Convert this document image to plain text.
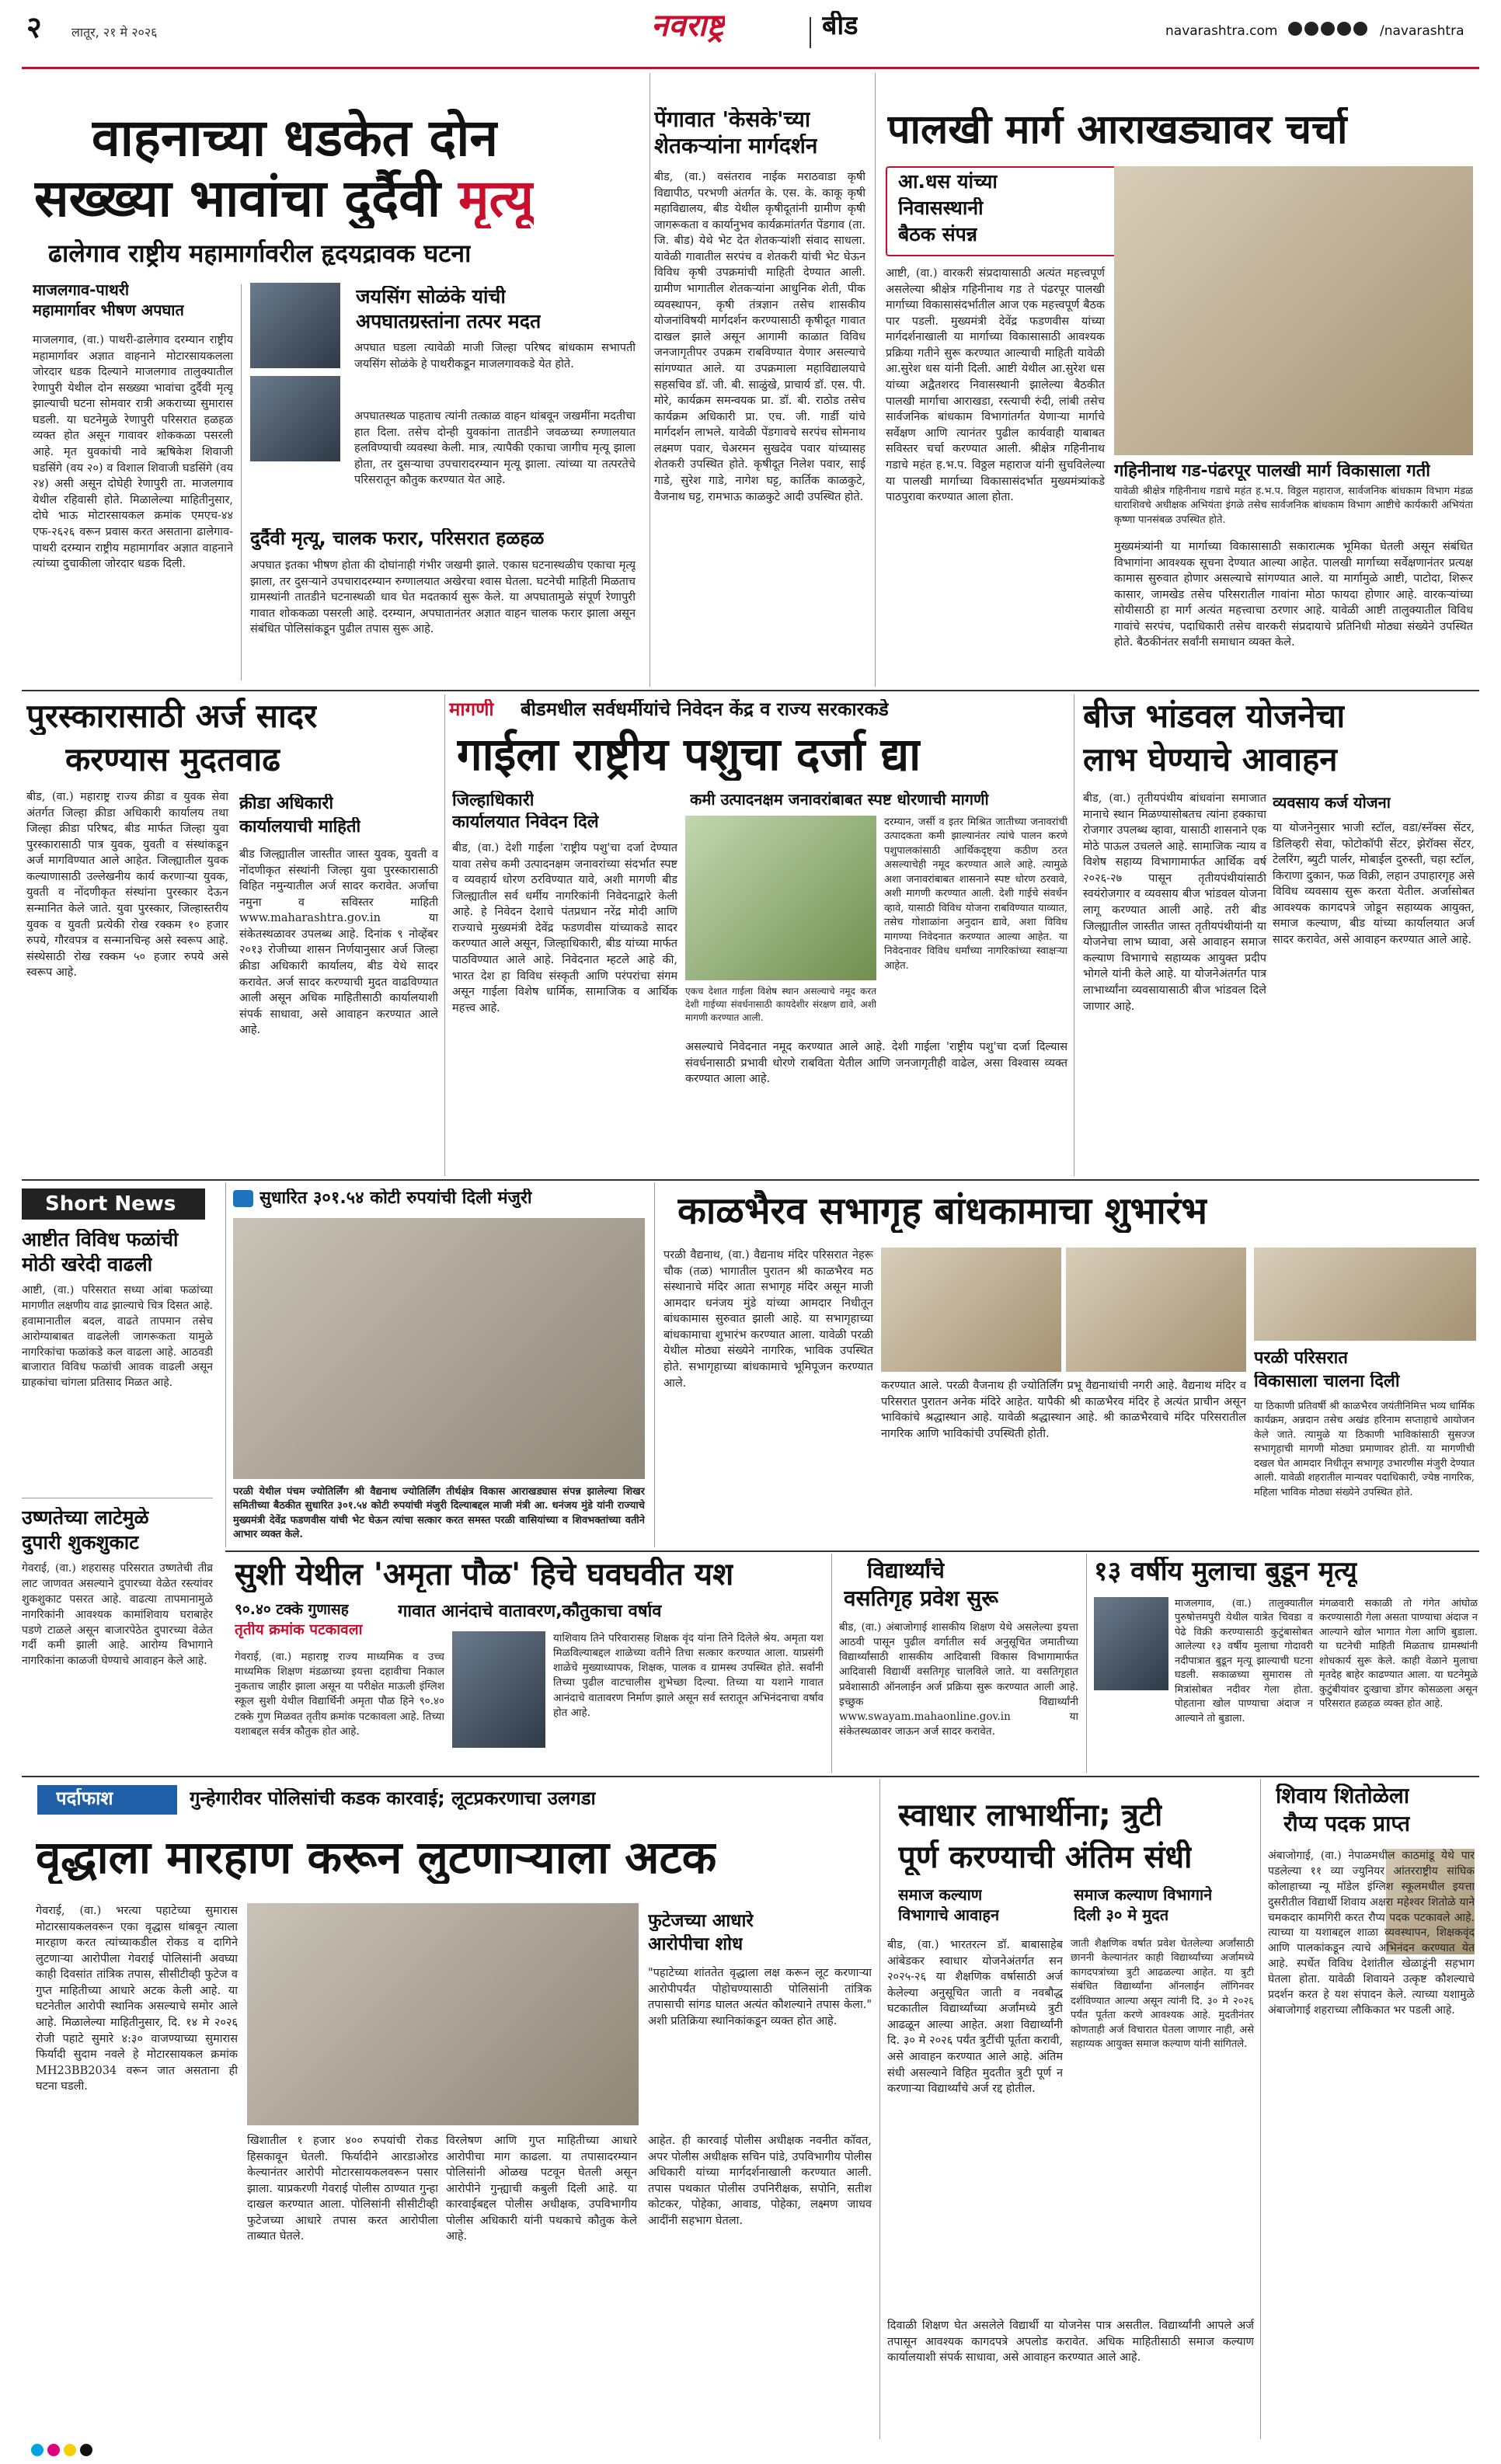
२ लातूर, २१ मे २०२६	नवराष्ट्र	बीड	navarashtra.com	/navarashtra
वाहनाच्या धडकेत दोन
सख्ख्या भावांचा दुर्दैवी मृत्यू
ढालेगाव राष्ट्रीय महामार्गावरील हृदयद्रावक घटना
माजलगाव-पाथरी
महामार्गावर भीषण अपघात
माजलगाव, (वा.) पाथरी-ढालेगाव दरम्यान राष्ट्रीय महामार्गावर अज्ञात वाहनाने मोटारसायकलला जोरदार धडक दिल्याने माजलगाव तालुक्यातील रेणापुरी येथील दोन सख्ख्या भावांचा दुर्दैवी मृत्यू झाल्याची घटना सोमवार रात्री अकराच्या सुमारास घडली. या घटनेमुळे रेणापुरी परिसरात हळहळ व्यक्त होत असून गावावर शोककळा पसरली आहे. मृत युवकांची नावे ऋषिकेश शिवाजी घडसिंगे (वय २०) व विशाल शिवाजी घडसिंगे (वय २४) असी असून दोघेही रेणापुरी ता. माजलगाव येथील रहिवासी होते. मिळालेल्या माहितीनुसार, दोघे भाऊ मोटारसायकल क्रमांक एमएच-४४ एफ-२६२६ वरून प्रवास करत असताना ढालेगाव-पाथरी दरम्यान राष्ट्रीय महामार्गावर अज्ञात वाहनाने त्यांच्या दुचाकीला जोरदार धडक दिली.
जयसिंग सोळंके यांची
अपघातग्रस्तांना तत्पर मदत
अपघात घडला त्यावेळी माजी जिल्हा परिषद बांधकाम सभापती जयसिंग सोळंके हे पाथरीकडून माजलगावकडे येत होते.
अपघातस्थळ पाहताच त्यांनी तत्काळ वाहन थांबवून जखमींना मदतीचा हात दिला. तसेच दोन्ही युवकांना तातडीने जवळच्या रुग्णालयात हलविण्याची व्यवस्था केली. मात्र, त्यापैकी एकाचा जागीच मृत्यू झाला होता, तर दुसऱ्याचा उपचारादरम्यान मृत्यू झाला. त्यांच्या या तत्परतेचे परिसरातून कौतुक करण्यात येत आहे.
दुर्दैवी मृत्यू, चालक फरार, परिसरात हळहळ
अपघात इतका भीषण होता की दोघांनाही गंभीर जखमी झाले. एकास घटनास्थळीच एकाचा मृत्यू झाला, तर दुसऱ्याने उपचारादरम्यान रुग्णालयात अखेरचा श्वास घेतला. घटनेची माहिती मिळताच ग्रामस्थांनी तातडीने घटनास्थळी धाव घेत मदतकार्य सुरू केले. या अपघातामुळे संपूर्ण रेणापुरी गावात शोककळा पसरली आहे. दरम्यान, अपघातानंतर अज्ञात वाहन चालक फरार झाला असून संबंधित पोलिसांकडून पुढील तपास सुरू आहे.
पेंगावात 'केसके'च्या
शेतकऱ्यांना मार्गदर्शन
बीड, (वा.) वसंतराव नाईक मराठवाडा कृषी विद्यापीठ, परभणी अंतर्गत के. एस. के. काकू कृषी महाविद्यालय, बीड येथील कृषीदूतांनी ग्रामीण कृषी जागरूकता व कार्यानुभव कार्यक्रमांतर्गत पेंडगाव (ता. जि. बीड) येथे भेट देत शेतकऱ्यांशी संवाद साधला. यावेळी गावातील सरपंच व शेतकरी यांची भेट घेऊन विविध कृषी उपक्रमांची माहिती देण्यात आली. ग्रामीण भागातील शेतकऱ्यांना आधुनिक शेती, पीक व्यवस्थापन, कृषी तंत्रज्ञान तसेच शासकीय योजनांविषयी मार्गदर्शन करण्यासाठी कृषीदूत गावात दाखल झाले असून आगामी काळात विविध जनजागृतीपर उपक्रम राबविण्यात येणार असल्याचे सांगण्यात आले. या उपक्रमाला महाविद्यालयाचे सहसचिव डॉ. जी. बी. साळुंखे, प्राचार्य डॉ. एस. पी. मोरे, कार्यक्रम समन्वयक प्रा. डॉ. बी. राठोड तसेच कार्यक्रम अधिकारी प्रा. एच. जी. गार्डी यांचे मार्गदर्शन लाभले. यावेळी पेंडगावचे सरपंच सोमनाथ लक्ष्मण पवार, चेअरमन सुखदेव पवार यांच्यासह शेतकरी उपस्थित होते. कृषीदूत निलेश पवार, साई गाडे, सुरेश गाडे, नागेश घट्ट, कार्तिक काळकुटे, वैजनाथ घट्ट, रामभाऊ काळकुटे आदी उपस्थित होते.
पालखी मार्ग आराखड्यावर चर्चा
आ.धस यांच्या
निवासस्थानी
बैठक संपन्न
आष्टी, (वा.) वारकरी संप्रदायासाठी अत्यंत महत्त्वपूर्ण असलेल्या श्रीक्षेत्र गहिनीनाथ गड ते पंढरपूर पालखी मार्गाच्या विकासासंदर्भातील आज एक महत्त्वपूर्ण बैठक पार पडली. मुख्यमंत्री देवेंद्र फडणवीस यांच्या मार्गदर्शनाखाली या मार्गाच्या विकासासाठी आवश्यक प्रक्रिया गतीने सुरू करण्यात आल्याची माहिती यावेळी आ.सुरेश धस यांनी दिली. आष्टी येथील आ.सुरेश धस यांच्या अद्वैतशरद निवासस्थानी झालेल्या बैठकीत पालखी मार्गाचा आराखडा, रस्त्याची रुंदी, लांबी तसेच सार्वजनिक बांधकाम विभागांतर्गत येणाऱ्या मार्गाचे सर्वेक्षण आणि त्यानंतर पुढील कार्यवाही याबाबत सविस्तर चर्चा करण्यात आली. श्रीक्षेत्र गहिनीनाथ गडाचे महंत ह.भ.प. विठ्ठल महाराज यांनी सुचविलेल्या या पालखी मार्गाच्या विकासासंदर्भात मुख्यमंत्र्यांकडे पाठपुरावा करण्यात आला होता.
गहिनीनाथ गड-पंढरपूर पालखी मार्ग विकासाला गती
यावेळी श्रीक्षेत्र गहिनीनाथ गडाचे महंत ह.भ.प. विठ्ठल महाराज, सार्वजनिक बांधकाम विभाग मंडळ धाराशिवचे अधीक्षक अभियंता इंगळे तसेच सार्वजनिक बांधकाम विभाग आष्टीचे कार्यकारी अभियंता कृष्णा पानसंबळ उपस्थित होते.
मुख्यमंत्र्यांनी या मार्गाच्या विकासासाठी सकारात्मक भूमिका घेतली असून संबंधित विभागांना आवश्यक सूचना देण्यात आल्या आहेत. पालखी मार्गाच्या सर्वेक्षणानंतर प्रत्यक्ष कामास सुरुवात होणार असल्याचे सांगण्यात आले. या मार्गामुळे आष्टी, पाटोदा, शिरूर कासार, जामखेड तसेच परिसरातील गावांना मोठा फायदा होणार आहे. वारकऱ्यांच्या सोयीसाठी हा मार्ग अत्यंत महत्त्वाचा ठरणार आहे. यावेळी आष्टी तालुक्यातील विविध गावांचे सरपंच, पदाधिकारी तसेच वारकरी संप्रदायाचे प्रतिनिधी मोठ्या संख्येने उपस्थित होते. बैठकीनंतर सर्वांनी समाधान व्यक्त केले.
पुरस्कारासाठी अर्ज सादर
करण्यास मुदतवाढ
बीड, (वा.) महाराष्ट्र राज्य क्रीडा व युवक सेवा अंतर्गत जिल्हा क्रीडा अधिकारी कार्यालय तथा जिल्हा क्रीडा परिषद, बीड मार्फत जिल्हा युवा पुरस्कारासाठी पात्र युवक, युवती व संस्थांकडून अर्ज मागविण्यात आले आहेत. जिल्ह्यातील युवक कल्याणासाठी उल्लेखनीय कार्य करणाऱ्या युवक, युवती व नोंदणीकृत संस्थांना पुरस्कार देऊन सन्मानित केले जाते. युवा पुरस्कार, जिल्हास्तरीय युवक व युवती प्रत्येकी रोख रक्कम १० हजार रुपये, गौरवपत्र व सन्मानचिन्ह असे स्वरूप आहे. संस्थेसाठी रोख रक्कम ५० हजार रुपये असे स्वरूप आहे.
क्रीडा अधिकारी
कार्यालयाची माहिती
बीड जिल्ह्यातील जास्तीत जास्त युवक, युवती व नोंदणीकृत संस्थांनी जिल्हा युवा पुरस्कारासाठी विहित नमुन्यातील अर्ज सादर करावेत. अर्जाचा नमुना व सविस्तर माहिती www.maharashtra.gov.in या संकेतस्थळावर उपलब्ध आहे. दिनांक ९ नोव्हेंबर २०१३ रोजीच्या शासन निर्णयानुसार अर्ज जिल्हा क्रीडा अधिकारी कार्यालय, बीड येथे सादर करावेत. अर्ज सादर करण्याची मुदत वाढविण्यात आली असून अधिक माहितीसाठी कार्यालयाशी संपर्क साधावा, असे आवाहन करण्यात आले आहे.
मागणी बीडमधील सर्वधर्मीयांचे निवेदन केंद्र व राज्य सरकारकडे
गाईला राष्ट्रीय पशुचा दर्जा द्या
जिल्हाधिकारी
कार्यालयात निवेदन दिले
कमी उत्पादनक्षम जनावरांबाबत स्पष्ट धोरणाची मागणी
बीड, (वा.) देशी गाईला 'राष्ट्रीय पशु'चा दर्जा देण्यात यावा तसेच कमी उत्पादनक्षम जनावरांच्या संदर्भात स्पष्ट व व्यवहार्य धोरण ठरविण्यात यावे, अशी मागणी बीड जिल्ह्यातील सर्व धर्मीय नागरिकांनी निवेदनाद्वारे केली आहे. हे निवेदन देशाचे पंतप्रधान नरेंद्र मोदी आणि राज्याचे मुख्यमंत्री देवेंद्र फडणवीस यांच्याकडे सादर करण्यात आले असून, जिल्हाधिकारी, बीड यांच्या मार्फत पाठविण्यात आले आहे. निवेदनात म्हटले आहे की, भारत देश हा विविध संस्कृती आणि परंपरांचा संगम असून गाईला विशेष धार्मिक, सामाजिक व आर्थिक महत्त्व आहे.
एकच देशात गाईला विशेष स्थान असल्याचे नमूद करत देशी गाईच्या संवर्धनासाठी कायदेशीर संरक्षण द्यावे, अशी मागणी करण्यात आली.
दरम्यान, जर्सी व इतर मिश्रित जातीच्या जनावरांची उत्पादकता कमी झाल्यानंतर त्यांचे पालन करणे पशुपालकांसाठी आर्थिकदृष्ट्या कठीण ठरत असल्याचेही नमूद करण्यात आले आहे. त्यामुळे अशा जनावरांबाबत शासनाने स्पष्ट धोरण ठरवावे, अशी मागणी करण्यात आली. देशी गाईचे संवर्धन व्हावे, यासाठी विविध योजना राबविण्यात याव्यात, तसेच गोशाळांना अनुदान द्यावे, अशा विविध मागण्या निवेदनात करण्यात आल्या आहेत. या निवेदनावर विविध धर्मांच्या नागरिकांच्या स्वाक्षऱ्या आहेत.
असल्याचे निवेदनात नमूद करण्यात आले आहे. देशी गाईला 'राष्ट्रीय पशु'चा दर्जा दिल्यास संवर्धनासाठी प्रभावी धोरणे राबविता येतील आणि जनजागृतीही वाढेल, असा विश्वास व्यक्त करण्यात आला आहे.
बीज भांडवल योजनेचा
लाभ घेण्याचे आवाहन
व्यवसाय कर्ज योजना
बीड, (वा.) तृतीयपंथीय बांधवांना समाजात मानाचे स्थान मिळण्यासोबतच त्यांना हक्काचा रोजगार उपलब्ध व्हावा, यासाठी शासनाने एक मोठे पाऊल उचलले आहे. सामाजिक न्याय व विशेष सहाय्य विभागामार्फत आर्थिक वर्ष २०२६-२७ पासून तृतीयपंथीयांसाठी स्वयंरोजगार व व्यवसाय बीज भांडवल योजना लागू करण्यात आली आहे. तरी बीड जिल्ह्यातील जास्तीत जास्त तृतीयपंथीयांनी या योजनेचा लाभ घ्यावा, असे आवाहन समाज कल्याण विभागाचे सहाय्यक आयुक्त प्रदीप भोगले यांनी केले आहे. या योजनेअंतर्गत पात्र लाभार्थ्यांना व्यवसायासाठी बीज भांडवल दिले जाणार आहे.
या योजनेनुसार भाजी स्टॉल, वडा/स्नॅक्स सेंटर, डिलिव्हरी सेवा, फोटोकॉपी सेंटर, झेरॉक्स सेंटर, टेलरिंग, ब्युटी पार्लर, मोबाईल दुरुस्ती, चहा स्टॉल, किराणा दुकान, फळ विक्री, लहान उपाहारगृह असे विविध व्यवसाय सुरू करता येतील. अर्जासोबत आवश्यक कागदपत्रे जोडून सहाय्यक आयुक्त, समाज कल्याण, बीड यांच्या कार्यालयात अर्ज सादर करावेत, असे आवाहन करण्यात आले आहे.
Short News
आष्टीत विविध फळांची
मोठी खरेदी वाढली
आष्टी, (वा.) परिसरात सध्या आंबा फळांच्या मागणीत लक्षणीय वाढ झाल्याचे चित्र दिसत आहे. हवामानातील बदल, वाढते तापमान तसेच आरोग्याबाबत वाढलेली जागरूकता यामुळे नागरिकांचा फळांकडे कल वाढला आहे. आठवडी बाजारात विविध फळांची आवक वाढली असून ग्राहकांचा चांगला प्रतिसाद मिळत आहे.
उष्णतेच्या लाटेमुळे
दुपारी शुकशुकाट
गेवराई, (वा.) शहरासह परिसरात उष्णतेची तीव्र लाट जाणवत असल्याने दुपारच्या वेळेत रस्त्यांवर शुकशुकाट पसरत आहे. वाढत्या तापमानामुळे नागरिकांनी आवश्यक कामांशिवाय घराबाहेर पडणे टाळले असून बाजारपेठेत दुपारच्या वेळेत गर्दी कमी झाली आहे. आरोग्य विभागाने नागरिकांना काळजी घेण्याचे आवाहन केले आहे.
सुधारित ३०१.५४ कोटी रुपयांची दिली मंजुरी
परळी येथील पंचम ज्योतिर्लिंग श्री वैद्यनाथ ज्योतिर्लिंग तीर्थक्षेत्र विकास आराखड्यास संपन्न झालेल्या शिखर समितीच्या बैठकीत सुधारित ३०१.५४ कोटी रुपयांची मंजुरी दिल्याबद्दल माजी मंत्री आ. धनंजय मुंडे यांनी राज्याचे मुख्यमंत्री देवेंद्र फडणवीस यांची भेट घेऊन त्यांचा सत्कार करत समस्त परळी वासियांच्या व शिवभक्तांच्या वतीने आभार व्यक्त केले.
काळभैरव सभागृह बांधकामाचा शुभारंभ
परळी वैद्यनाथ, (वा.) वैद्यनाथ मंदिर परिसरात नेहरू चौक (तळ) भागातील पुरातन श्री काळभैरव मठ संस्थानाचे मंदिर आता सभागृह मंदिर असून माजी आमदार धनंजय मुंडे यांच्या आमदार निधीतून बांधकामास सुरुवात झाली आहे. या सभागृहाच्या बांधकामाचा शुभारंभ करण्यात आला. यावेळी परळी येथील मोठ्या संख्येने नागरिक, भाविक उपस्थित होते. सभागृहाच्या बांधकामाचे भूमिपूजन करण्यात आले.	करण्यात आले. परळी वैजनाथ ही ज्योतिर्लिंग प्रभू वैद्यनाथांची नगरी आहे. वैद्यनाथ मंदिर व परिसरात पुरातन अनेक मंदिरे आहेत. यापैकी श्री काळभैरव मंदिर हे अत्यंत प्राचीन असून भाविकांचे श्रद्धास्थान आहे. यावेळी श्रद्धास्थान आहे. श्री काळभैरवाचे मंदिर परिसरातील नागरिक आणि भाविकांची उपस्थिती होती.
परळी परिसरात
विकासाला चालना दिली
या ठिकाणी प्रतिवर्षी श्री काळभैरव जयंतीनिमित्त भव्य धार्मिक कार्यक्रम, अन्नदान तसेच अखंड हरिनाम सप्ताहाचे आयोजन केले जाते. त्यामुळे या ठिकाणी भाविकांसाठी सुसज्ज सभागृहाची मागणी मोठ्या प्रमाणावर होती. या मागणीची दखल घेत आमदार निधीतून सभागृह उभारणीस मंजुरी देण्यात आली. यावेळी शहरातील मान्यवर पदाधिकारी, ज्येष्ठ नागरिक, महिला भाविक मोठ्या संख्येने उपस्थित होते.
सुशी येथील 'अमृता पौळ' हिचे घवघवीत यश
९०.४० टक्के गुणासह
तृतीय क्रमांक पटकावला
गावात आनंदाचे वातावरण,कौतुकाचा वर्षाव
गेवराई, (वा.) महाराष्ट्र राज्य माध्यमिक व उच्च माध्यमिक शिक्षण मंडळाच्या इयत्ता दहावीचा निकाल नुकताच जाहीर झाला असून या परीक्षेत माऊली इंग्लिश स्कूल सुशी येथील विद्यार्थिनी अमृता पौळ हिने ९०.४० टक्के गुण मिळवत तृतीय क्रमांक पटकावला आहे. तिच्या यशाबद्दल सर्वत्र कौतुक होत आहे.
याशिवाय तिने परिवारासह शिक्षक वृंद यांना तिने दिलेले श्रेय. अमृता यश मिळविल्याबद्दल शाळेच्या वतीने तिचा सत्कार करण्यात आला. याप्रसंगी शाळेचे मुख्याध्यापक, शिक्षक, पालक व ग्रामस्थ उपस्थित होते. सर्वांनी तिच्या पुढील वाटचालीस शुभेच्छा दिल्या. तिच्या या यशाने गावात आनंदाचे वातावरण निर्माण झाले असून सर्व स्तरातून अभिनंदनाचा वर्षाव होत आहे.
विद्यार्थ्यांचे
वसतिगृह प्रवेश सुरू
बीड, (वा.) अंबाजोगाई शासकीय शिक्षण येथे असलेल्या इयत्ता आठवी पासून पुढील वर्गातील सर्व अनुसूचित जमातीच्या विद्यार्थ्यांसाठी शासकीय आदिवासी विकास विभागामार्फत आदिवासी विद्यार्थी वसतिगृह चालविले जाते. या वसतिगृहात प्रवेशासाठी ऑनलाईन अर्ज प्रक्रिया सुरू करण्यात आली आहे. इच्छुक विद्यार्थ्यांनी www.swayam.mahaonline.gov.in या संकेतस्थळावर जाऊन अर्ज सादर करावेत.
१३ वर्षीय मुलाचा बुडून मृत्यू
माजलगाव, (वा.) तालुक्यातील पुरुषोत्तमपुरी येथील यात्रेत चिवडा व पेढे विक्री करण्यासाठी कुटुंबासोबत आलेल्या १३ वर्षीय मुलाचा गोदावरी नदीपात्रात बुडून मृत्यू झाल्याची घटना घडली. सकाळच्या सुमारास तो मित्रांसोबत नदीवर गेला होता. पोहताना खोल पाण्याचा अंदाज न आल्याने तो बुडाला.
मंगळवारी सकाळी तो गंगेत आंघोळ करण्यासाठी गेला असता पाण्याचा अंदाज न आल्याने खोल भागात गेला आणि बुडाला. या घटनेची माहिती मिळताच ग्रामस्थांनी शोधकार्य सुरू केले. काही वेळाने मुलाचा मृतदेह बाहेर काढण्यात आला. या घटनेमुळे कुटुंबीयांवर दुःखाचा डोंगर कोसळला असून परिसरात हळहळ व्यक्त होत आहे.
पर्दाफाश	गुन्हेगारीवर पोलिसांची कडक कारवाई; लूटप्रकरणाचा उलगडा
वृद्धाला मारहाण करून लुटणाऱ्याला अटक
गेवराई, (वा.) भरत्या पहाटेच्या सुमारास मोटारसायकलवरून एका वृद्धास थांबवून त्याला मारहाण करत त्यांच्याकडील रोकड व दागिने लुटणाऱ्या आरोपीला गेवराई पोलिसांनी अवघ्या काही दिवसांत तांत्रिक तपास, सीसीटीव्ही फुटेज व गुप्त माहितीच्या आधारे अटक केली आहे. या घटनेतील आरोपी स्थानिक असल्याचे समोर आले आहे. मिळालेल्या माहितीनुसार, दि. १४ मे २०२६ रोजी पहाटे सुमारे ४:३० वाजण्याच्या सुमारास फिर्यादी सुदाम नवले हे मोटारसायकल क्रमांक MH23BB2034 वरून जात असताना ही घटना घडली.
फुटेजच्या आधारे
आरोपीचा शोध
"पहाटेच्या शांततेत वृद्धाला लक्ष करून लूट करणाऱ्या आरोपीपर्यंत पोहोचण्यासाठी पोलिसांनी तांत्रिक तपासाची सांगड घालत अत्यंत कौशल्याने तपास केला." अशी प्रतिक्रिया स्थानिकांकडून व्यक्त होत आहे.
खिशातील १ हजार ४०० रुपयांची रोकड हिसकावून घेतली. फिर्यादीने आरडाओरड केल्यानंतर आरोपी मोटारसायकलवरून पसार झाला. याप्रकरणी गेवराई पोलीस ठाण्यात गुन्हा दाखल करण्यात आला. पोलिसांनी सीसीटीव्ही फुटेजच्या आधारे तपास करत आरोपीला ताब्यात घेतले.
विरलेषण आणि गुप्त माहितीच्या आधारे आरोपीचा माग काढला. या तपासादरम्यान पोलिसांनी ओळख पटवून घेतली असून आरोपीने गुन्ह्याची कबुली दिली आहे. या कारवाईबद्दल पोलीस अधीक्षक, उपविभागीय पोलीस अधिकारी यांनी पथकाचे कौतुक केले आहे.
आहेत. ही कारवाई पोलीस अधीक्षक नवनीत कॉवत, अपर पोलीस अधीक्षक सचिन पांडे, उपविभागीय पोलीस अधिकारी यांच्या मार्गदर्शनाखाली करण्यात आली. तपास पथकात पोलीस उपनिरीक्षक, सपोनि, सतीश कोटकर, पोहेका, आवाड, पोहेका, लक्ष्मण जाधव आदींनी सहभाग घेतला.
स्वाधार लाभार्थीना; त्रुटी
पूर्ण करण्याची अंतिम संधी
समाज कल्याण
विभागाचे आवाहन
समाज कल्याण विभागाने
दिली ३० मे मुदत
बीड, (वा.) भारतरत्न डॉ. बाबासाहेब आंबेडकर स्वाधार योजनेअंतर्गत सन २०२५-२६ या शैक्षणिक वर्षासाठी अर्ज केलेल्या अनुसूचित जाती व नवबौद्ध घटकातील विद्यार्थ्यांच्या अर्जांमध्ये त्रुटी आढळून आल्या आहेत. अशा विद्यार्थ्यांनी दि. ३० मे २०२६ पर्यंत त्रुटींची पूर्तता करावी, असे आवाहन करण्यात आले आहे. अंतिम संधी असल्याने विहित मुदतीत त्रुटी पूर्ण न करणाऱ्या विद्यार्थ्यांचे अर्ज रद्द होतील.
जाती शैक्षणिक वर्षात प्रवेश घेतलेल्या अर्जांसाठी छाननी केल्यानंतर काही विद्यार्थ्यांच्या अर्जामध्ये कागदपत्रांच्या त्रुटी आढळल्या आहेत. या त्रुटी संबंधित विद्यार्थ्यांना ऑनलाईन लॉगिनवर दर्शविण्यात आल्या असून त्यांनी दि. ३० मे २०२६ पर्यंत पूर्तता करणे आवश्यक आहे. मुदतीनंतर कोणताही अर्ज विचारात घेतला जाणार नाही, असे सहाय्यक आयुक्त समाज कल्याण यांनी सांगितले.
दिवाळी शिक्षण घेत असलेले विद्यार्थी या योजनेस पात्र असतील. विद्यार्थ्यांनी आपले अर्ज तपासून आवश्यक कागदपत्रे अपलोड करावेत. अधिक माहितीसाठी समाज कल्याण कार्यालयाशी संपर्क साधावा, असे आवाहन करण्यात आले आहे.
शिवाय शितोळेला
रौप्य पदक प्राप्त
अंबाजोगाई, (वा.) नेपाळमधील काठमांडू येथे पार पडलेल्या ११ व्या ज्युनियर आंतरराष्ट्रीय सांघिक कोलाहाच्या न्यू मॉडेल इंग्लिश स्कूलमधील इयत्ता दुसरीतील विद्यार्थी शिवाय अक्षरा महेश्वर शितोळे याने चमकदार कामगिरी करत रौप्य पदक पटकावले आहे. त्याच्या या यशाबद्दल शाळा व्यवस्थापन, शिक्षकवृंद आणि पालकांकडून त्याचे अभिनंदन करण्यात येत आहे. स्पर्धेत विविध देशांतील खेळाडूंनी सहभाग घेतला होता. यावेळी शिवायने उत्कृष्ट कौशल्याचे प्रदर्शन करत हे यश संपादन केले. त्याच्या यशामुळे अंबाजोगाई शहराच्या लौकिकात भर पडली आहे.
